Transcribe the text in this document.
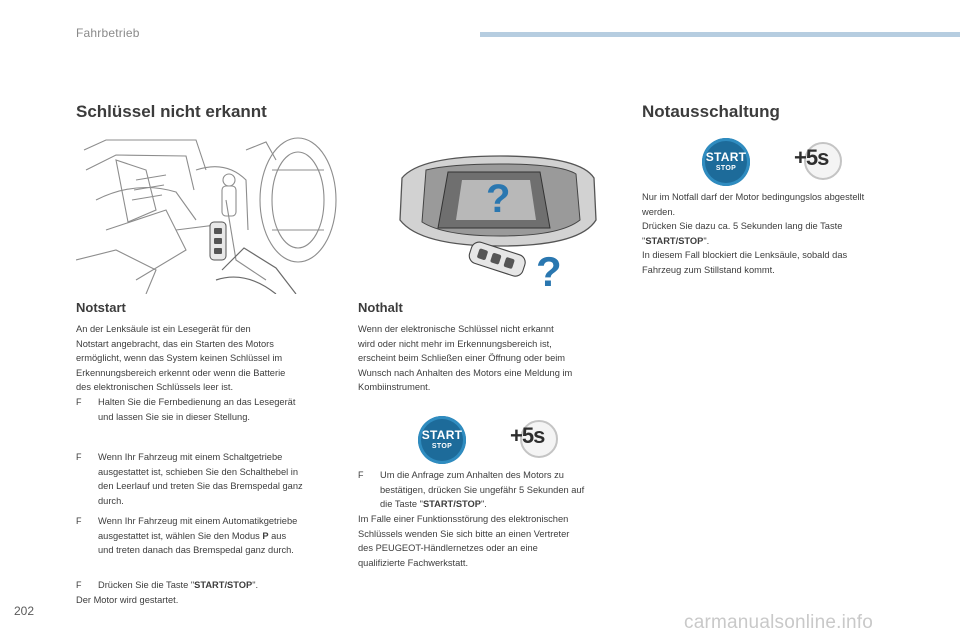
Fahrbetrieb
Schlüssel nicht erkannt
?
?
Notstart
An der Lenksäule ist ein Lesegerät für den
Notstart angebracht, das ein Starten des Motors
ermöglicht, wenn das System keinen Schlüssel im
Erkennungsbereich erkennt oder wenn die Batterie
des elektronischen Schlüssels leer ist.
F Halten Sie die Fernbedienung an das Lesegerät
und lassen Sie sie in dieser Stellung.
F Wenn Ihr Fahrzeug mit einem Schaltgetriebe
ausgestattet ist, schieben Sie den Schalthebel in
den Leerlauf und treten Sie das Bremspedal ganz
durch.
F Wenn Ihr Fahrzeug mit einem Automatikgetriebe
ausgestattet ist, wählen Sie den Modus P aus
und treten danach das Bremspedal ganz durch.
F Drücken Sie die Taste "START/STOP".
Der Motor wird gestartet.
Nothalt
Wenn der elektronische Schlüssel nicht erkannt
wird oder nicht mehr im Erkennungsbereich ist,
erscheint beim Schließen einer Öffnung oder beim
Wunsch nach Anhalten des Motors eine Meldung im
Kombiinstrument.
START
STOP	+5s
F Um die Anfrage zum Anhalten des Motors zu
bestätigen, drücken Sie ungefähr 5 Sekunden auf
die Taste "START/STOP".
Im Falle einer Funktionsstörung des elektronischen
Schlüssels wenden Sie sich bitte an einen Vertreter
des PEUGEOT-Händlernetzes oder an eine
qualifizierte Fachwerkstatt.
Notausschaltung
START
STOP	+5s
Nur im Notfall darf der Motor bedingungslos abgestellt
werden.
Drücken Sie dazu ca. 5 Sekunden lang die Taste
"START/STOP".
In diesem Fall blockiert die Lenksäule, sobald das
Fahrzeug zum Stillstand kommt.
202
carmanualsonline.info
